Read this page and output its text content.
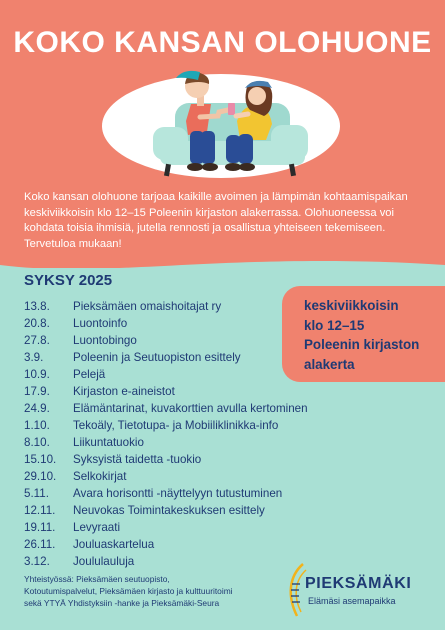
KOKO KANSAN OLOHUONE
Koko kansan olohuone tarjoaa kaikille avoimen ja lämpimän kohtaamispaikan keskiviikkoisin klo 12–15 Poleenin kirjaston alakerrassa. Olohuoneessa voi kohdata toisia ihmisiä, jutella rennosti ja osallistua yhteiseen tekemiseen. Tervetuloa mukaan!
SYKSY 2025
13.8.	Pieksämäen omaishoitajat ry
20.8.	Luontoinfo
27.8.	Luontobingo
3.9.	Poleenin ja Seutuopiston esittely
10.9.	Pelejä
17.9.	Kirjaston e-aineistot
24.9.	Elämäntarinat, kuvakorttien avulla kertominen
1.10.	Tekoäly, Tietotupa- ja Mobiiliklinikka-info
8.10.	Liikuntatuokio
15.10.	Syksyistä taidetta -tuokio
29.10.	Selkokirjat
5.11.	Avara horisontti -näyttelyyn tutustuminen
12.11.	Neuvokas Toimintakeskuksen esittely
19.11.	Levyraati
26.11.	Jouluaskartelua
3.12.	Joululauluja
keskiviikkoisin
klo 12–15
Poleenin kirjaston
alakerta
Yhteistyössä: Pieksämäen seutuopisto,
Kotoutumispalvelut, Pieksämäen kirjasto ja kulttuuritoimi
sekä YTYÄ Yhdistyksiin -hanke ja Pieksämäki-Seura
PIEKSÄMÄKI
Elämäsi asemapaikka
